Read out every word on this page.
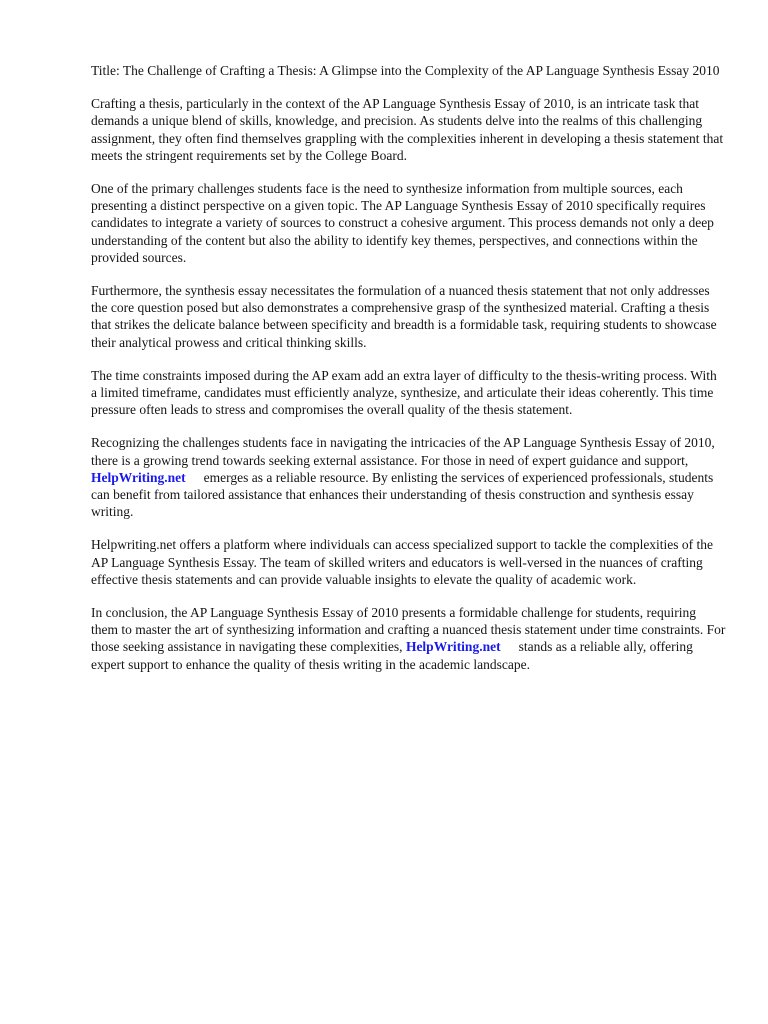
Title: The Challenge of Crafting a Thesis: A Glimpse into the Complexity of the AP Language Synthesis Essay 2010

Crafting a thesis, particularly in the context of the AP Language Synthesis Essay of 2010, is an intricate task that demands a unique blend of skills, knowledge, and precision. As students delve into the realms of this challenging assignment, they often find themselves grappling with the complexities inherent in developing a thesis statement that meets the stringent requirements set by the College Board.

One of the primary challenges students face is the need to synthesize information from multiple sources, each presenting a distinct perspective on a given topic. The AP Language Synthesis Essay of 2010 specifically requires candidates to integrate a variety of sources to construct a cohesive argument. This process demands not only a deep understanding of the content but also the ability to identify key themes, perspectives, and connections within the provided sources.

Furthermore, the synthesis essay necessitates the formulation of a nuanced thesis statement that not only addresses the core question posed but also demonstrates a comprehensive grasp of the synthesized material. Crafting a thesis that strikes the delicate balance between specificity and breadth is a formidable task, requiring students to showcase their analytical prowess and critical thinking skills.

The time constraints imposed during the AP exam add an extra layer of difficulty to the thesis-writing process. With a limited timeframe, candidates must efficiently analyze, synthesize, and articulate their ideas coherently. This time pressure often leads to stress and compromises the overall quality of the thesis statement.

Recognizing the challenges students face in navigating the intricacies of the AP Language Synthesis Essay of 2010, there is a growing trend towards seeking external assistance. For those in need of expert guidance and support,HelpWriting.net emerges as a reliable resource. By enlisting the services of experienced professionals, students can benefit from tailored assistance that enhances their understanding of thesis construction and synthesis essay writing.

Helpwriting.net offers a platform where individuals can access specialized support to tackle the complexities of the AP Language Synthesis Essay. The team of skilled writers and educators is well-versed in the nuances of crafting effective thesis statements and can provide valuable insights to elevate the quality of academic work.

In conclusion, the AP Language Synthesis Essay of 2010 presents a formidable challenge for students, requiring them to master the art of synthesizing information and crafting a nuanced thesis statement under time constraints. For those seeking assistance in navigating these complexities, HelpWriting.net stands as a reliable ally, offering expert support to enhance the quality of thesis writing in the academic landscape.
